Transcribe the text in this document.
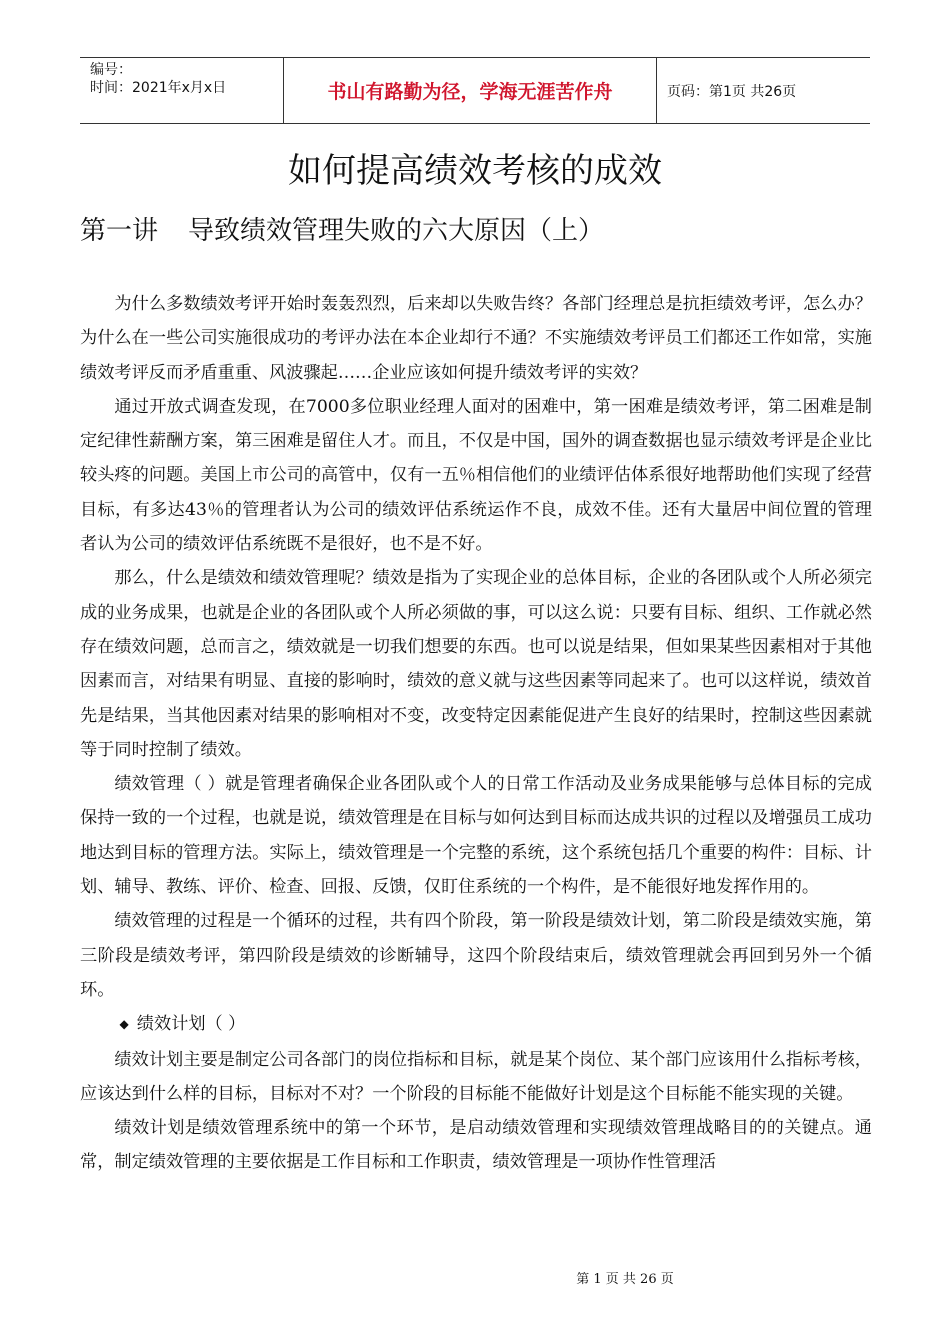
编号：
时间：2021年x月x日	书山有路勤为径，学海无涯苦作舟	页码：第1页 共26页
如何提高绩效考核的成效
第一讲 导致绩效管理失败的六大原因（上）

为什么多数绩效考评开始时轰轰烈烈，后来却以失败告终？各部门经理总是抗拒绩效考评，怎么办？为什么在一些公司实施很成功的考评办法在本企业却行不通？不实施绩效考评员工们都还工作如常，实施绩效考评反而矛盾重重、风波骤起……企业应该如何提升绩效考评的实效？

通过开放式调查发现，在7000多位职业经理人面对的困难中，第一困难是绩效考评，第二困难是制定纪律性薪酬方案，第三困难是留住人才。而且，不仅是中国，国外的调查数据也显示绩效考评是企业比较头疼的问题。美国上市公司的高管中，仅有一五％相信他们的业绩评估体系很好地帮助他们实现了经营目标，有多达43％的管理者认为公司的绩效评估系统运作不良，成效不佳。还有大量居中间位置的管理者认为公司的绩效评估系统既不是很好，也不是不好。

那么，什么是绩效和绩效管理呢？绩效是指为了实现企业的总体目标，企业的各团队或个人所必须完成的业务成果，也就是企业的各团队或个人所必须做的事，可以这么说：只要有目标、组织、工作就必然存在绩效问题，总而言之，绩效就是一切我们想要的东西。也可以说是结果，但如果某些因素相对于其他因素而言，对结果有明显、直接的影响时，绩效的意义就与这些因素等同起来了。也可以这样说，绩效首先是结果，当其他因素对结果的影响相对不变，改变特定因素能促进产生良好的结果时，控制这些因素就等于同时控制了绩效。

绩效管理（ ）就是管理者确保企业各团队或个人的日常工作活动及业务成果能够与总体目标的完成保持一致的一个过程，也就是说，绩效管理是在目标与如何达到目标而达成共识的过程以及增强员工成功地达到目标的管理方法。实际上，绩效管理是一个完整的系统，这个系统包括几个重要的构件：目标、计划、辅导、教练、评价、检查、回报、反馈，仅盯住系统的一个构件，是不能很好地发挥作用的。

绩效管理的过程是一个循环的过程，共有四个阶段，第一阶段是绩效计划，第二阶段是绩效实施，第三阶段是绩效考评，第四阶段是绩效的诊断辅导，这四个阶段结束后，绩效管理就会再回到另外一个循环。

◆ 绩效计划（ ）

绩效计划主要是制定公司各部门的岗位指标和目标，就是某个岗位、某个部门应该用什么指标考核，应该达到什么样的目标，目标对不对？一个阶段的目标能不能做好计划是这个目标能不能实现的关键。

绩效计划是绩效管理系统中的第一个环节，是启动绩效管理和实现绩效管理战略目的的关键点。通常，制定绩效管理的主要依据是工作目标和工作职责，绩效管理是一项协作性管理活

第 1 页 共 26 页
